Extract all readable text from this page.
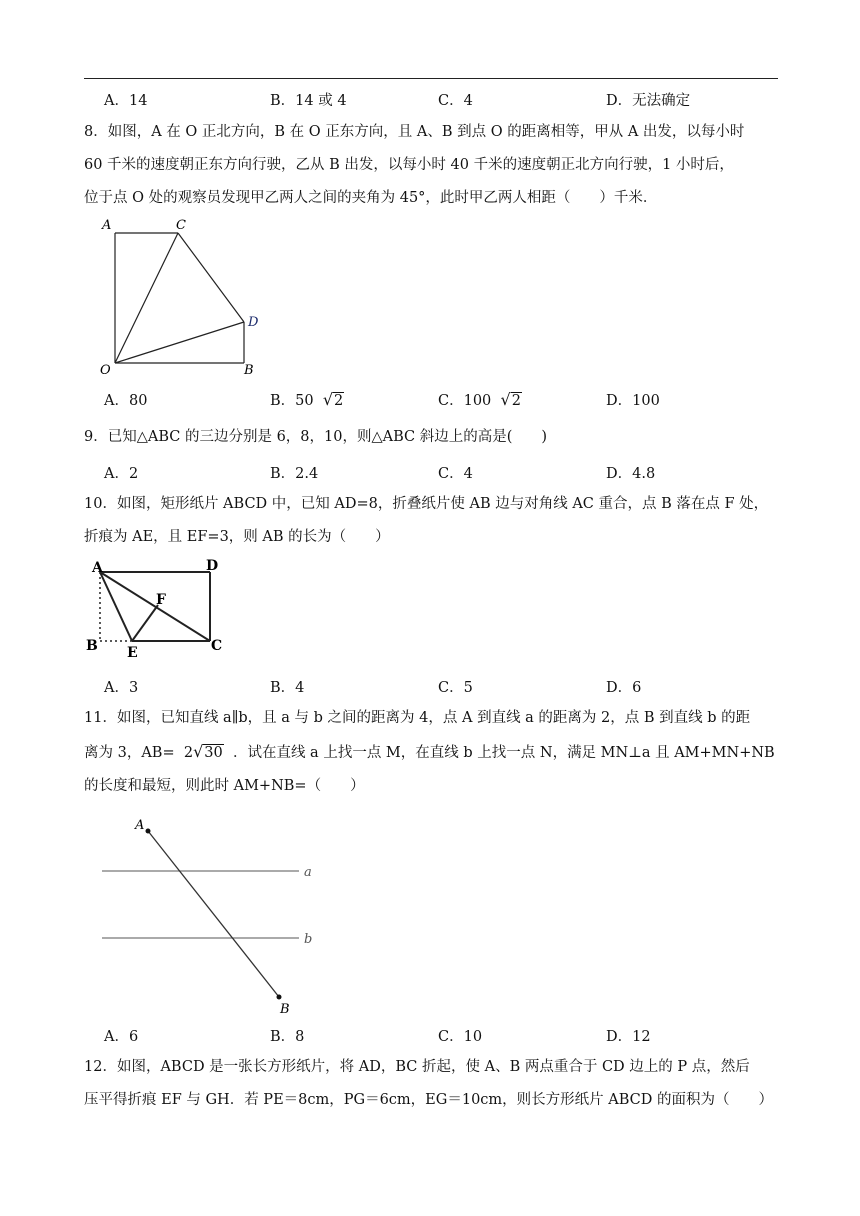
A．14	B．14 或 4	C．4	D．无法确定
8．如图，A 在 O 正北方向，B 在 O 正东方向，且 A、B 到点 O 的距离相等，甲从 A 出发，以每小时
60 千米的速度朝正东方向行驶，乙从 B 出发，以每小时 40 千米的速度朝正北方向行驶，1 小时后，
位于点 O 处的观察员发现甲乙两人之间的夹角为 45°，此时甲乙两人相距（　　）千米．
A	C
D
O	B
A．80	B．50 √2	C．100 √2	D．100
9．已知△ABC 的三边分别是 6，8，10，则△ABC 斜边上的高是(　　)
A．2	B．2.4	C．4	D．4.8
10．如图，矩形纸片 ABCD 中，已知 AD=8，折叠纸片使 AB 边与对角线 AC 重合，点 B 落在点 F 处，
折痕为 AE，且 EF=3，则 AB 的长为（　　）
A	D
F
B E	C
A．3	B．4	C．5	D．6
11．如图，已知直线 a∥b，且 a 与 b 之间的距离为 4，点 A 到直线 a 的距离为 2，点 B 到直线 b 的距
离为 3，AB= 2√30 ．试在直线 a 上找一点 M，在直线 b 上找一点 N，满足 MN⊥a 且 AM+MN+NB
的长度和最短，则此时 AM+NB=（　　）
A
a
b
B
A．6	B．8	C．10	D．12
12．如图，ABCD 是一张长方形纸片，将 AD，BC 折起，使 A、B 两点重合于 CD 边上的 P 点，然后
压平得折痕 EF 与 GH．若 PE＝8cm，PG＝6cm，EG＝10cm，则长方形纸片 ABCD 的面积为（　　）
